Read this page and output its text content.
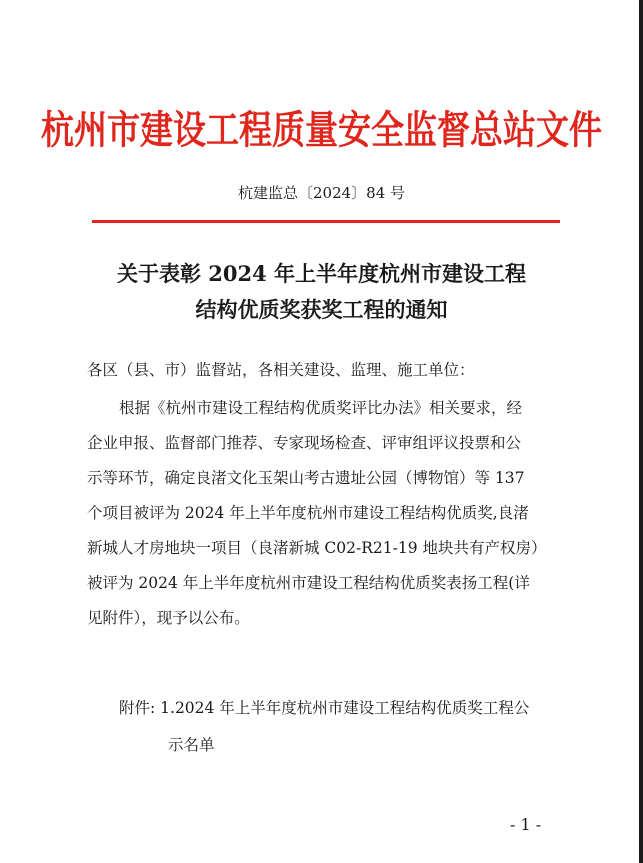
杭州市建设工程质量安全监督总站文件
杭建监总〔2024〕84 号
关于表彰 2024 年上半年度杭州市建设工程
结构优质奖获奖工程的通知
各区（县、市）监督站，各相关建设、监理、施工单位：
根据《杭州市建设工程结构优质奖评比办法》相关要求，经
企业申报、监督部门推荐、专家现场检查、评审组评议投票和公
示等环节，确定良渚文化玉架山考古遗址公园（博物馆）等 137
个项目被评为 2024 年上半年度杭州市建设工程结构优质奖,良渚
新城人才房地块一项目（良渚新城 C02-R21-19 地块共有产权房）
被评为 2024 年上半年度杭州市建设工程结构优质奖表扬工程(详
见附件），现予以公布。
附件: 1.2024 年上半年度杭州市建设工程结构优质奖工程公
示名单
- 1 -
